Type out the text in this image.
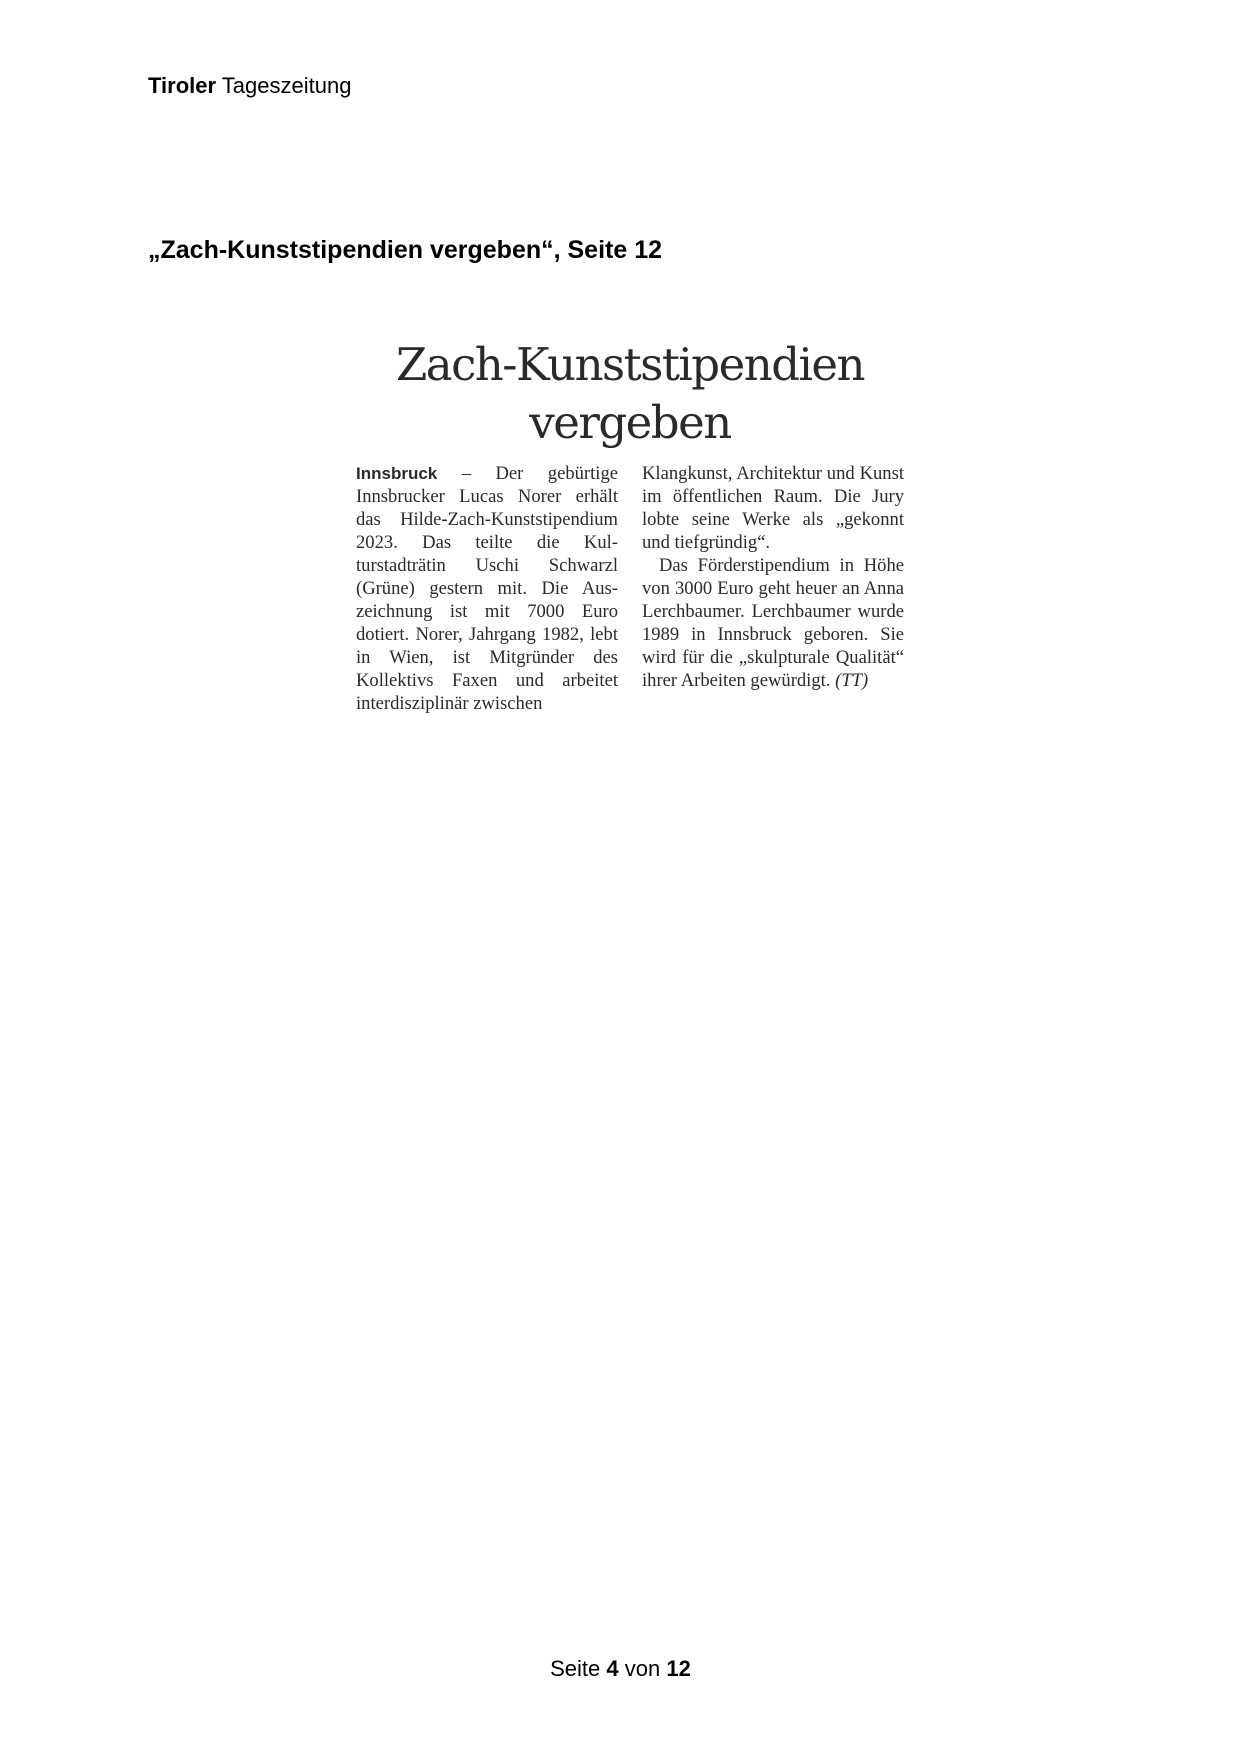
Tiroler Tageszeitung
„Zach-Kunststipendien vergeben“, Seite 12
Zach-Kunststipendien
vergeben

Innsbruck – Der gebürtige Innsbrucker Lucas Norer erhält das Hilde-Zach-Kunststipendium 2023. Das teilte die Kulturstadträtin Uschi Schwarzl (Grüne) gestern mit. Die Auszeichnung ist mit 7000 Euro dotiert. Norer, Jahrgang 1982, lebt in Wien, ist Mitgründer des Kollektivs Faxen und arbeitet interdisziplinär zwischen

Klangkunst, Architektur und Kunst im öffentlichen Raum. Die Jury lobte seine Werke als „gekonnt und tiefgründig“.

Das Förderstipendium in Höhe von 3000 Euro geht heuer an Anna Lerchbaumer. Lerchbaumer wurde 1989 in Innsbruck geboren. Sie wird für die „skulpturale Qualität“ ihrer Arbeiten gewürdigt. (TT)

Seite 4 von 12
